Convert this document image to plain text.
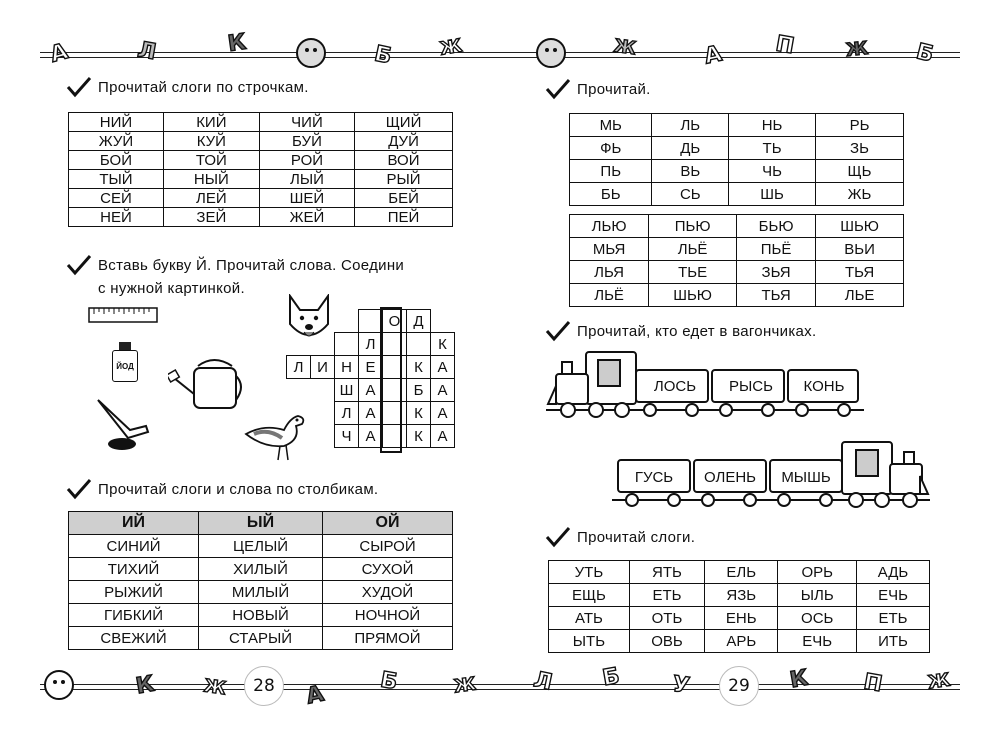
А	Л	К	Б	Ж	Ж	А	П	Ж	Б
К	Ж	А
Б	Ж Л	Б	У	К П	Ж
28	29
Прочитай слоги по строчкам.
НИЙ	КИЙ	ЧИЙ	ЩИЙ
ЖУЙ	КУЙ	БУЙ	ДУЙ
БОЙ	ТОЙ	РОЙ	ВОЙ
ТЫЙ	НЫЙ	ЛЫЙ	РЫЙ
СЕЙ	ЛЕЙ	ШЕЙ	БЕЙ
НЕЙ	ЗЕЙ	ЖЕЙ	ПЕЙ
Вставь букву Й. Прочитай слова. Соедини
с нужной картинкой.
ЙОД
				О	Д	
			Л			К
Л	И	Н	Е		К	А
		Ш	А		Б	А
		Л	А		К	А
		Ч	А		К	А
Прочитай слоги и слова по столбикам.
ИЙ	ЫЙ	ОЙ
СИНИЙ	ЦЕЛЫЙ	СЫРОЙ
ТИХИЙ	ХИЛЫЙ	СУХОЙ
РЫЖИЙ	МИЛЫЙ	ХУДОЙ
ГИБКИЙ	НОВЫЙ	НОЧНОЙ
СВЕЖИЙ	СТАРЫЙ	ПРЯМОЙ
Прочитай.
МЬ	ЛЬ	НЬ	РЬ
ФЬ	ДЬ	ТЬ	ЗЬ
ПЬ	ВЬ	ЧЬ	ЩЬ
БЬ	СЬ	ШЬ	ЖЬ
ЛЬЮ	ПЬЮ	БЬЮ	ШЬЮ
МЬЯ	ЛЬЁ	ПЬЁ	ВЬИ
ЛЬЯ	ТЬЕ	ЗЬЯ	ТЬЯ
ЛЬЁ	ШЬЮ	ТЬЯ	ЛЬЕ
Прочитай, кто едет в вагончиках.
ЛОСЬ	РЫСЬ	КОНЬ
ГУСЬ	ОЛЕНЬ	МЫШЬ
Прочитай слоги.
УТЬ	ЯТЬ	ЕЛЬ	ОРЬ	АДЬ
ЕЩЬ	ЕТЬ	ЯЗЬ	ЫЛЬ	ЕЧЬ
АТЬ	ОТЬ	ЕНЬ	ОСЬ	ЕТЬ
ЫТЬ	ОВЬ	АРЬ	ЕЧЬ	ИТЬ
